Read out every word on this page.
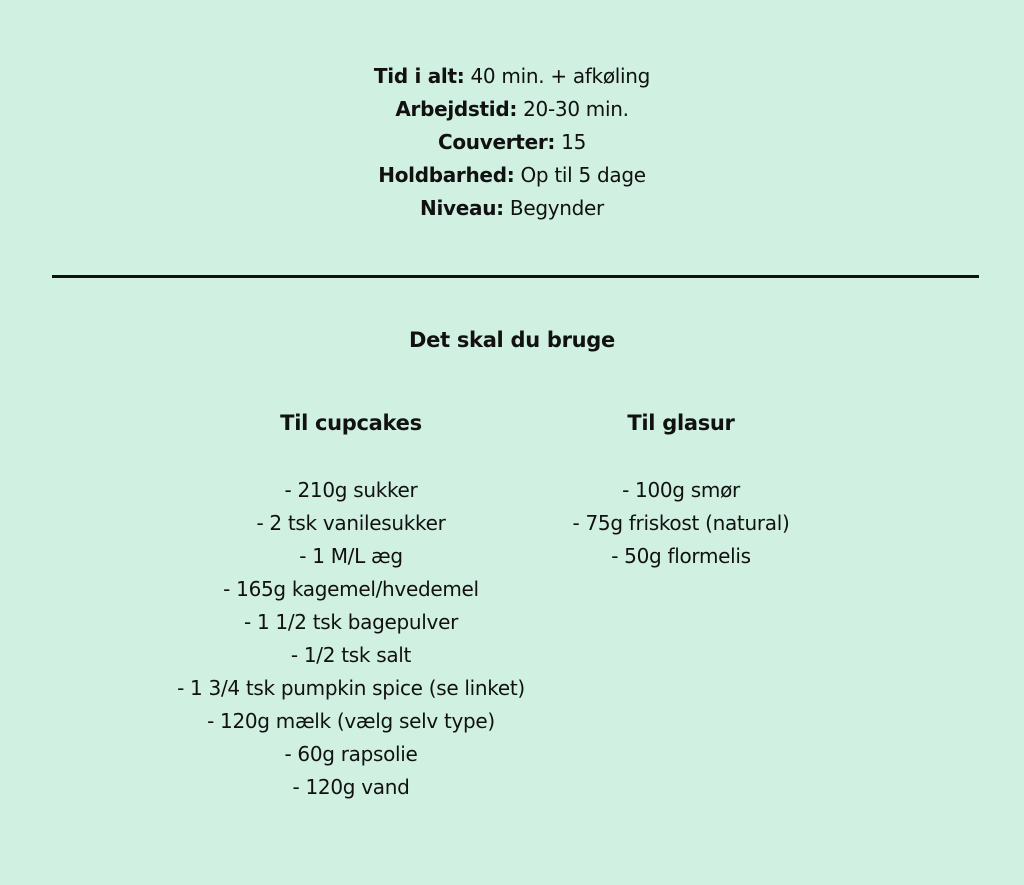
Tid i alt: 40 min. + afkøling
Arbejdstid: 20-30 min.
Couverter: 15
Holdbarhed: Op til 5 dage
Niveau: Begynder
Det skal du bruge
Til cupcakes
- 210g sukker
- 2 tsk vanilesukker
- 1 M/L æg
- 165g kagemel/hvedemel
- 1 1/2 tsk bagepulver
- 1/2 tsk salt
- 1 3/4 tsk pumpkin spice (se linket)
- 120g mælk (vælg selv type)
- 60g rapsolie
- 120g vand
Til glasur
- 100g smør
- 75g friskost (natural)
- 50g flormelis
